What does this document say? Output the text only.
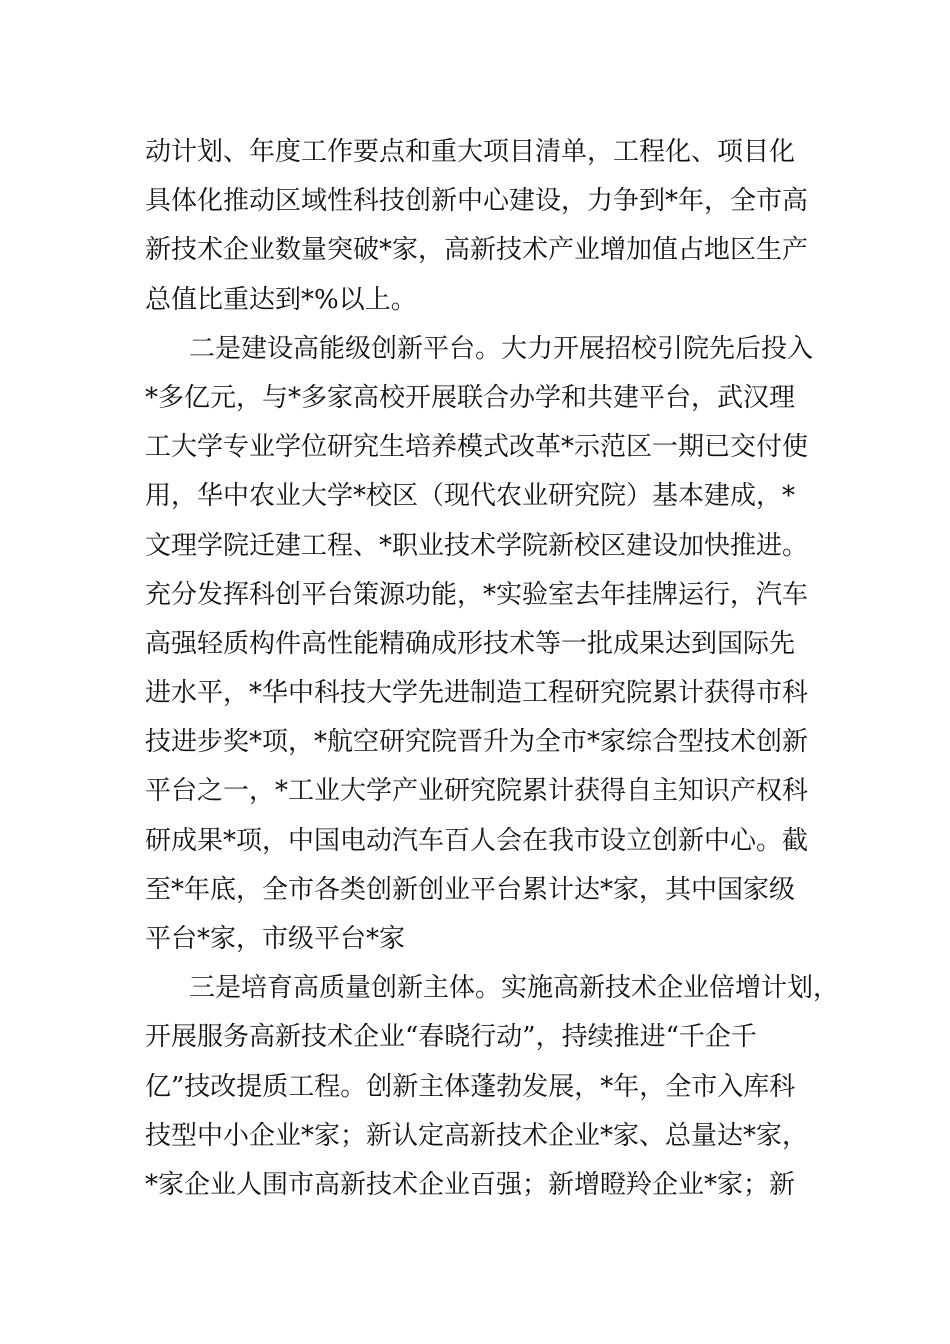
动计划、年度工作要点和重大项目清单，工程化、项目化
具体化推动区域性科技创新中心建设，力争到*年，全市高
新技术企业数量突破*家，高新技术产业增加值占地区生产
总值比重达到*%以上。
二是建设高能级创新平台。大力开展招校引院先后投入
*多亿元，与*多家高校开展联合办学和共建平台，武汉理
工大学专业学位研究生培养模式改革*示范区一期已交付使
用，华中农业大学*校区（现代农业研究院）基本建成，*
文理学院迁建工程、*职业技术学院新校区建设加快推进。
充分发挥科创平台策源功能，*实验室去年挂牌运行，汽车
高强轻质构件高性能精确成形技术等一批成果达到国际先
进水平，*华中科技大学先进制造工程研究院累计获得市科
技进步奖*项，*航空研究院晋升为全市*家综合型技术创新
平台之一，*工业大学产业研究院累计获得自主知识产权科
研成果*项，中国电动汽车百人会在我市设立创新中心。截
至*年底，全市各类创新创业平台累计达*家，其中国家级
平台*家，市级平台*家
三是培育高质量创新主体。实施高新技术企业倍增计划，
开展服务高新技术企业“春晓行动”，持续推进“千企千
亿”技改提质工程。创新主体蓬勃发展，*年，全市入库科
技型中小企业*家；新认定高新技术企业*家、总量达*家，
*家企业人围市高新技术企业百强；新增瞪羚企业*家；新
